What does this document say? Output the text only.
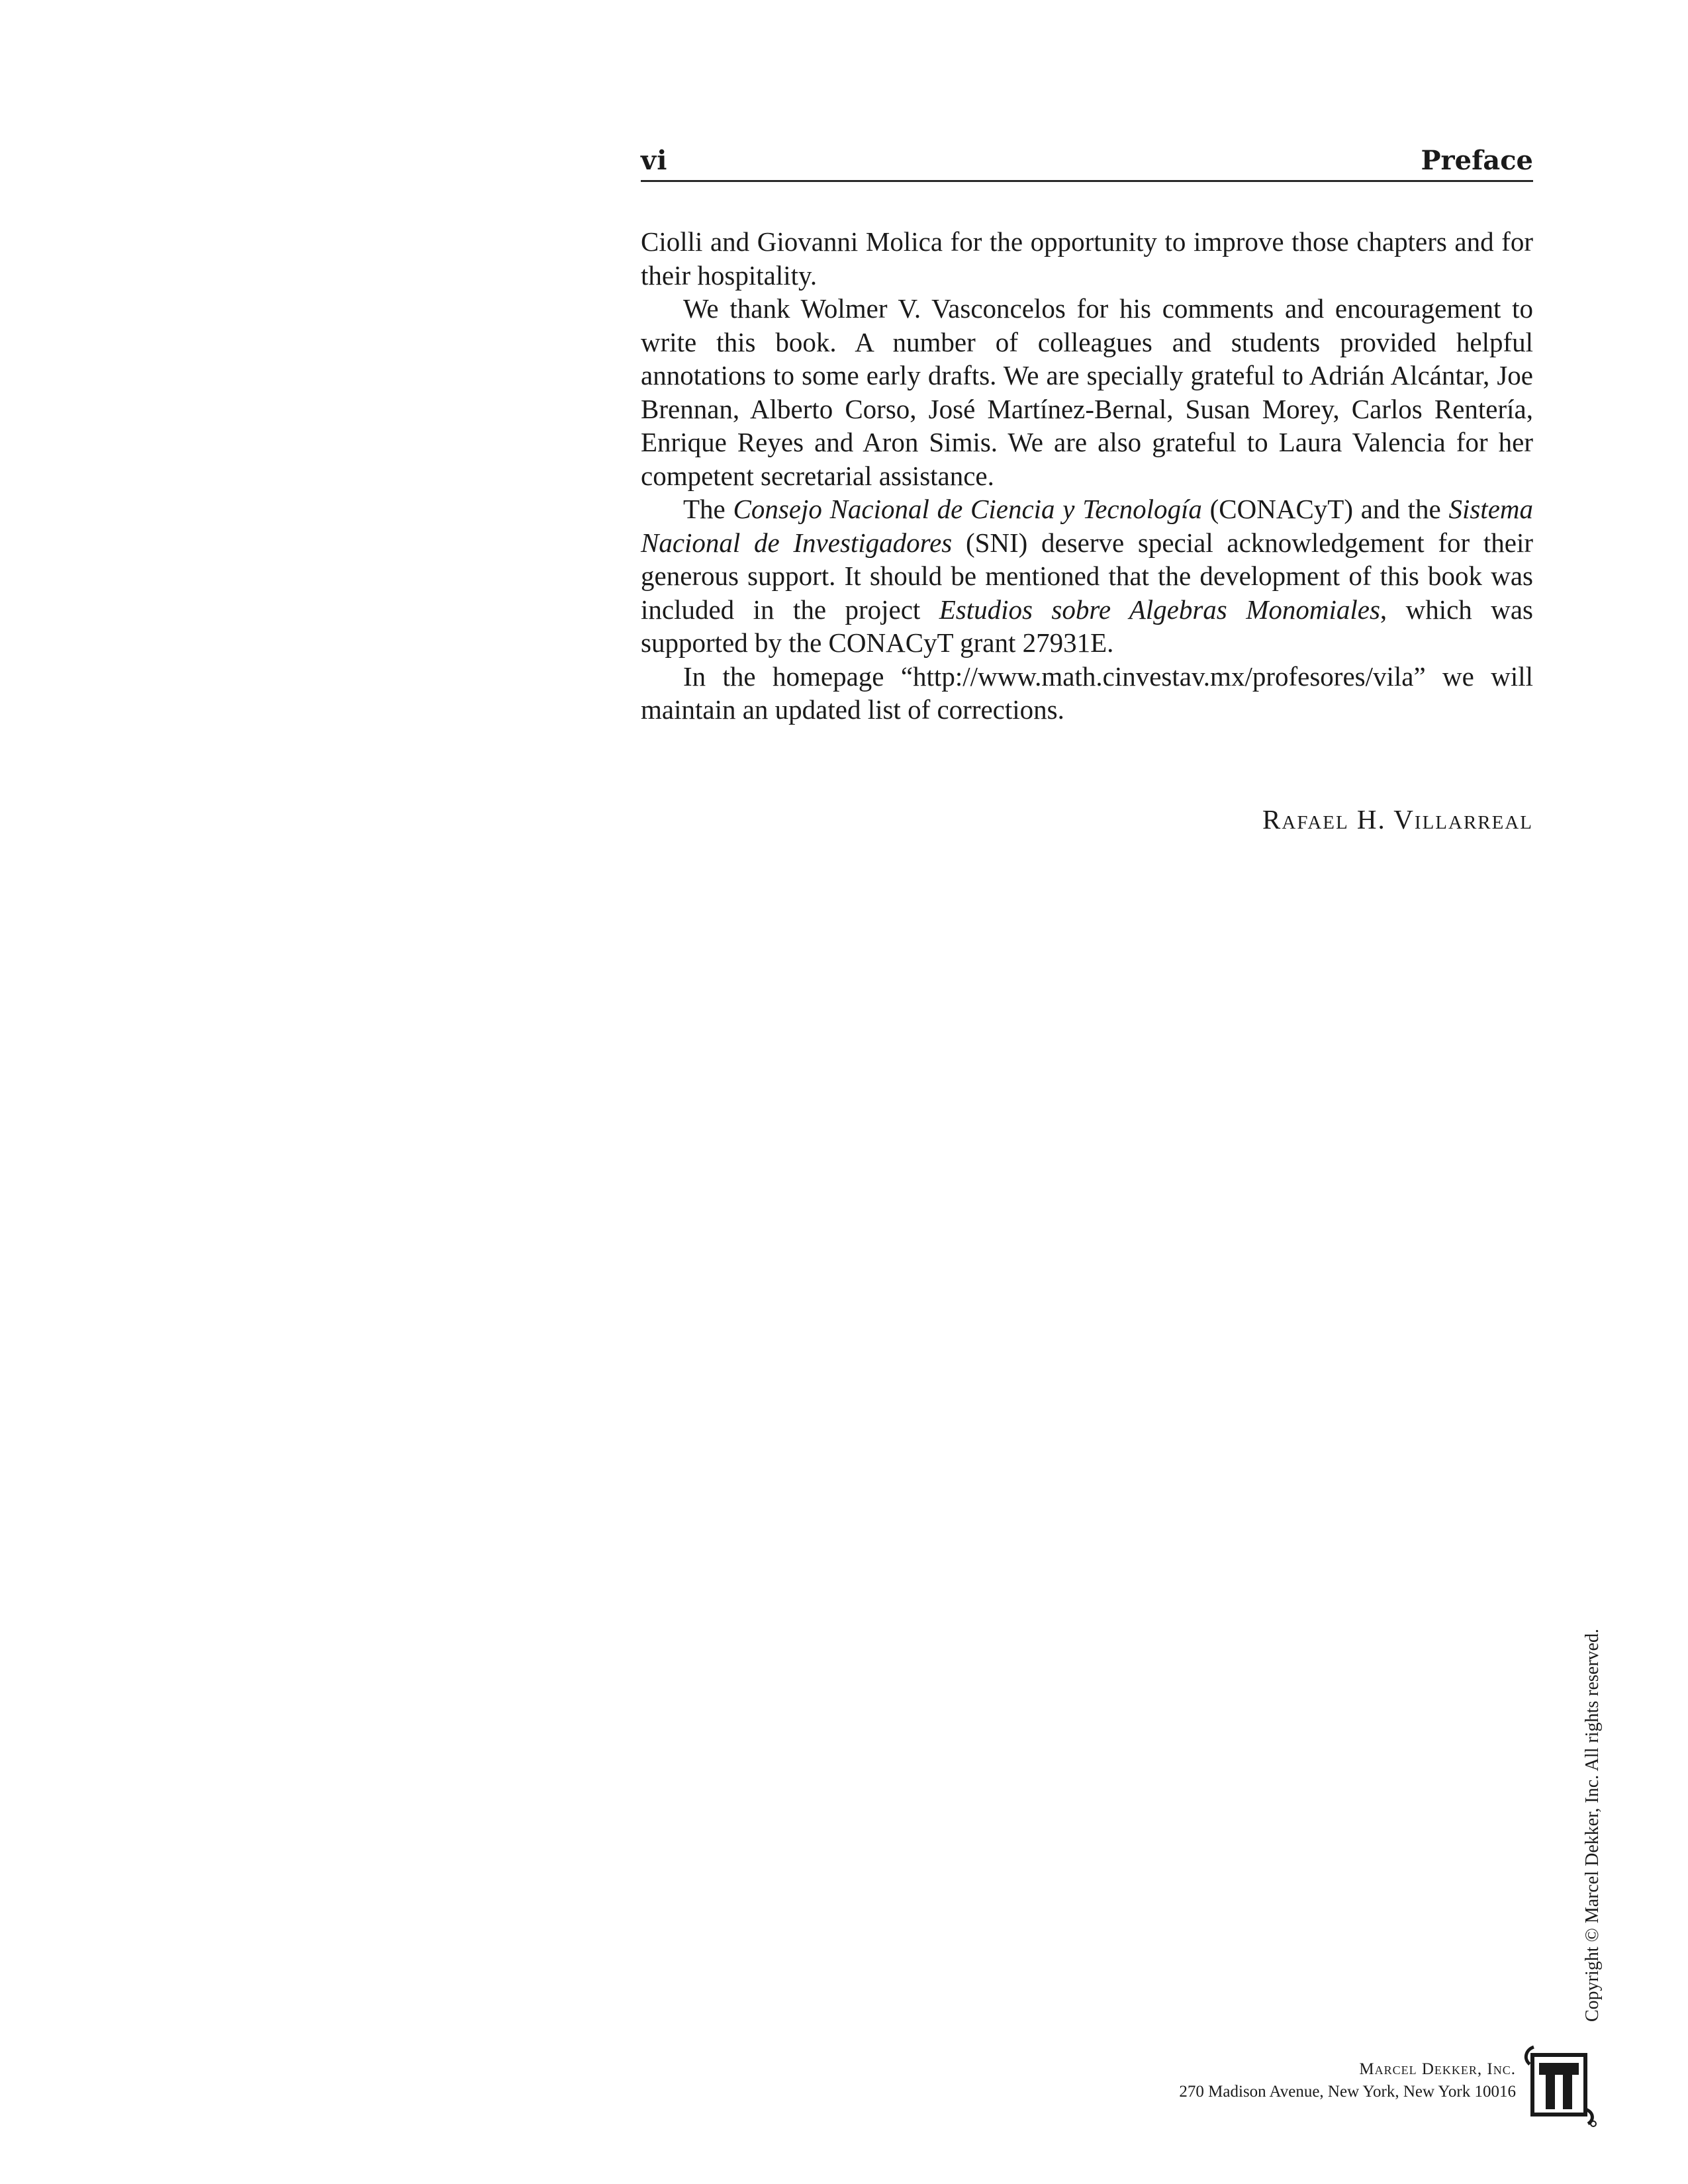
vi	Preface

Ciolli and Giovanni Molica for the opportunity to improve those chapters and for their hospitality.

We thank Wolmer V. Vasconcelos for his comments and encouragement to write this book. A number of colleagues and students provided helpful annotations to some early drafts. We are specially grateful to Adrián Alcántar, Joe Brennan, Alberto Corso, José Martínez-Bernal, Susan Morey, Carlos Rentería, Enrique Reyes and Aron Simis. We are also grateful to Laura Valencia for her competent secretarial assistance.

The Consejo Nacional de Ciencia y Tecnología (CONACyT) and the Sistema Nacional de Investigadores (SNI) deserve special acknowledgement for their generous support. It should be mentioned that the development of this book was included in the project Estudios sobre Algebras Monomiales, which was supported by the CONACyT grant 27931E.

In the homepage “http://www.math.cinvestav.mx/profesores/vila” we will maintain an updated list of corrections.

Rafael H. Villarreal
Copyright © Marcel Dekker, Inc. All rights reserved.
Marcel Dekker, Inc.
270 Madison Avenue, New York, New York 10016
